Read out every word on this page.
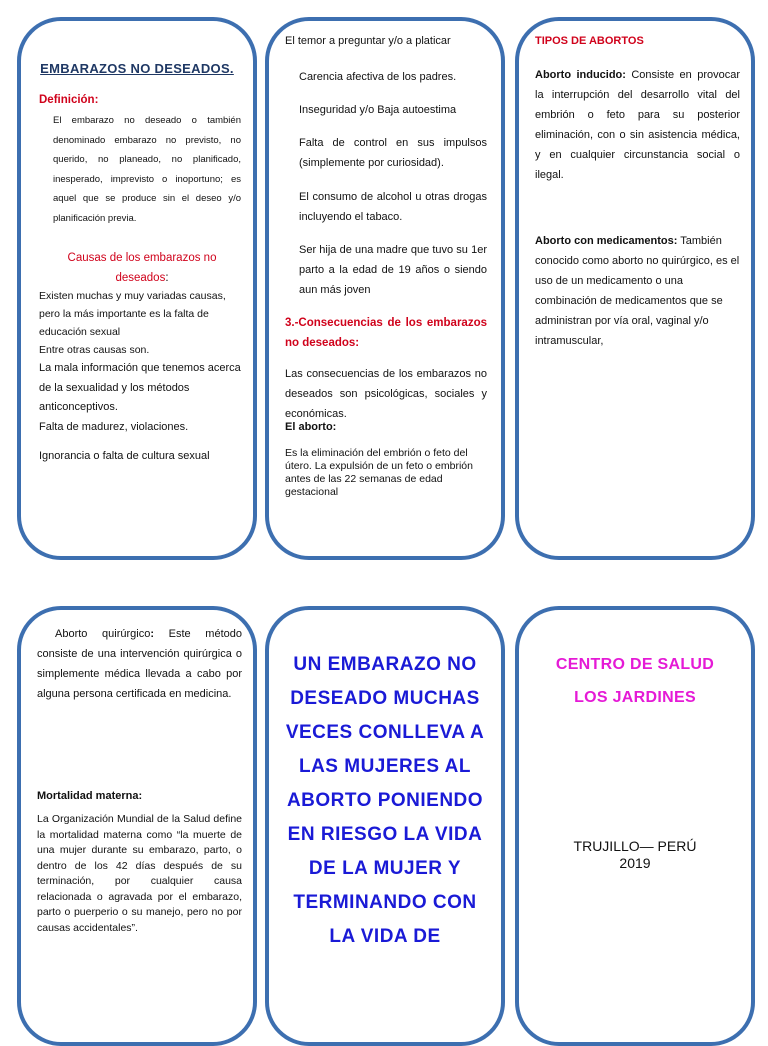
EMBARAZOS NO DESEADOS.
Definición:
El embarazo no deseado o también denominado embarazo no previsto, no querido, no planeado, no planificado, inesperado, imprevisto o inoportuno; es aquel que se produce sin el deseo y/o planificación previa.
Causas de los embarazos no deseados:

Existen muchas y muy variadas causas, pero la más importante es la falta de educación sexual

Entre otras causas son.

La mala información que tenemos acerca de la sexualidad y los métodos anticonceptivos.

Falta de madurez, violaciones.

Ignorancia o falta de cultura sexual

El temor a preguntar y/o a platicar
Carencia afectiva de los padres.
Inseguridad y/o Baja autoestima
Falta de control en sus impulsos (simplemente por curiosidad).
El consumo de alcohol u otras drogas incluyendo el tabaco.
Ser hija de una madre que tuvo su 1er parto a la edad de 19 años o siendo aun más joven
3.-Consecuencias de los embarazos no deseados:
Las consecuencias de los embarazos no deseados son psicológicas, sociales y económicas.
El aborto:
Es la eliminación del embrión o feto del útero. La expulsión de un feto o embrión antes de las 22 semanas de edad gestacional
TIPOS DE ABORTOS
Aborto inducido: Consiste en provocar la interrupción del desarrollo vital del embrión o feto para su posterior eliminación, con o sin asistencia médica, y en cualquier circunstancia social o ilegal.
Aborto con medicamentos: También conocido como aborto no quirúrgico, es el uso de un medicamento o una combinación de medicamentos que se administran por vía oral, vaginal y/o intramuscular,
Aborto quirúrgico: Este método consiste de una intervención quirúrgica o simplemente médica llevada a cabo por alguna persona certificada en medicina.
Mortalidad materna:
La Organización Mundial de la Salud define la mortalidad materna como “la muerte de una mujer durante su embarazo, parto, o dentro de los 42 días después de su terminación, por cualquier causa relacionada o agravada por el embarazo, parto o puerperio o su manejo, pero no por causas accidentales”.
UN EMBARAZO NO DESEADO MUCHAS VECES CONLLEVA A LAS MUJERES AL ABORTO PONIENDO EN RIESGO LA VIDA DE LA MUJER Y TERMINANDO CON LA VIDA DE
CENTRO DE SALUD
LOS JARDINES
TRUJILLO— PERÚ
2019
